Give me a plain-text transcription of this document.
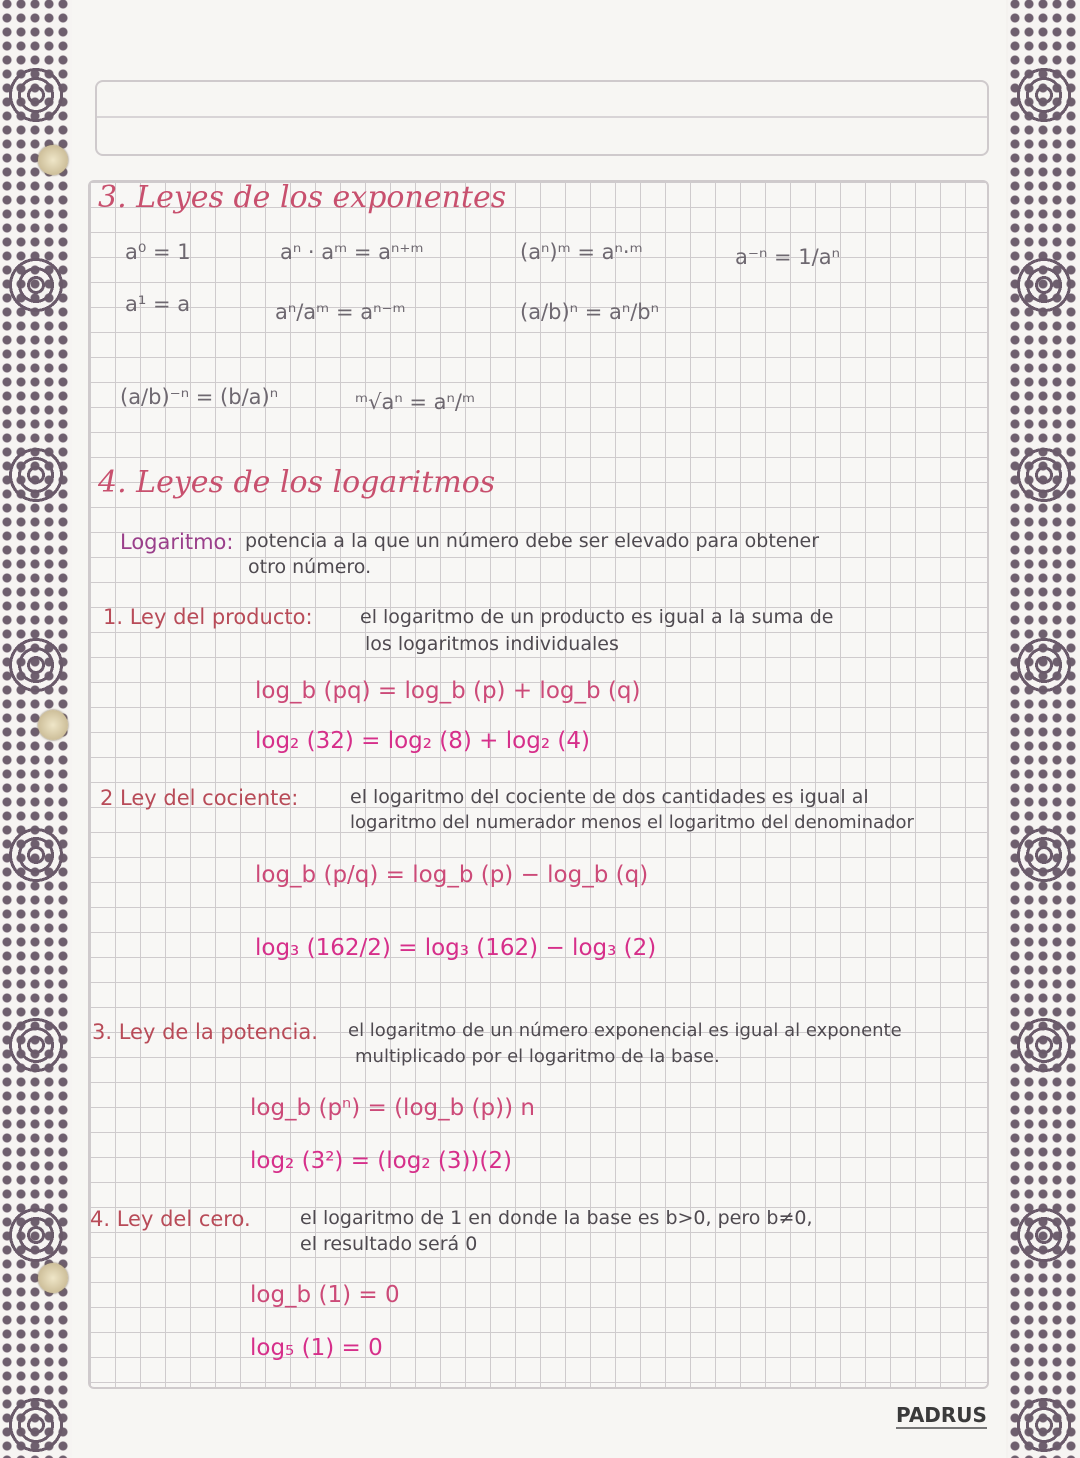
3. Leyes de los exponentes
a⁰ = 1	aⁿ · aᵐ = aⁿ⁺ᵐ	(aⁿ)ᵐ = aⁿ·ᵐ	a⁻ⁿ = 1/aⁿ
a¹ = a	aⁿ/aᵐ = aⁿ⁻ᵐ	(a/b)ⁿ = aⁿ/bⁿ
(a/b)⁻ⁿ = (b/a)ⁿ	ᵐ√aⁿ = aⁿ/ᵐ
4. Leyes de los logaritmos
Logaritmo: potencia a la que un número debe ser elevado para obtener
otro número.
1. Ley del producto: el logaritmo de un producto es igual a la suma de
los logaritmos individuales
log_b (pq) = log_b (p) + log_b (q)
log₂ (32) = log₂ (8) + log₂ (4)
2 Ley del cociente:	el logaritmo del cociente de dos cantidades es igual al
logaritmo del numerador menos el logaritmo del denominador
log_b (p/q) = log_b (p) − log_b (q)
log₃ (162/2) = log₃ (162) − log₃ (2)
3. Ley de la potencia. el logaritmo de un número exponencial es igual al exponente
multiplicado por el logaritmo de la base.
log_b (pⁿ) = (log_b (p)) n
log₂ (3²) = (log₂ (3))(2)
4. Ley del cero.	el logaritmo de 1 en donde la base es b>0, pero b≠0,
el resultado será 0
log_b (1) = 0
log₅ (1) = 0
PADRUS
